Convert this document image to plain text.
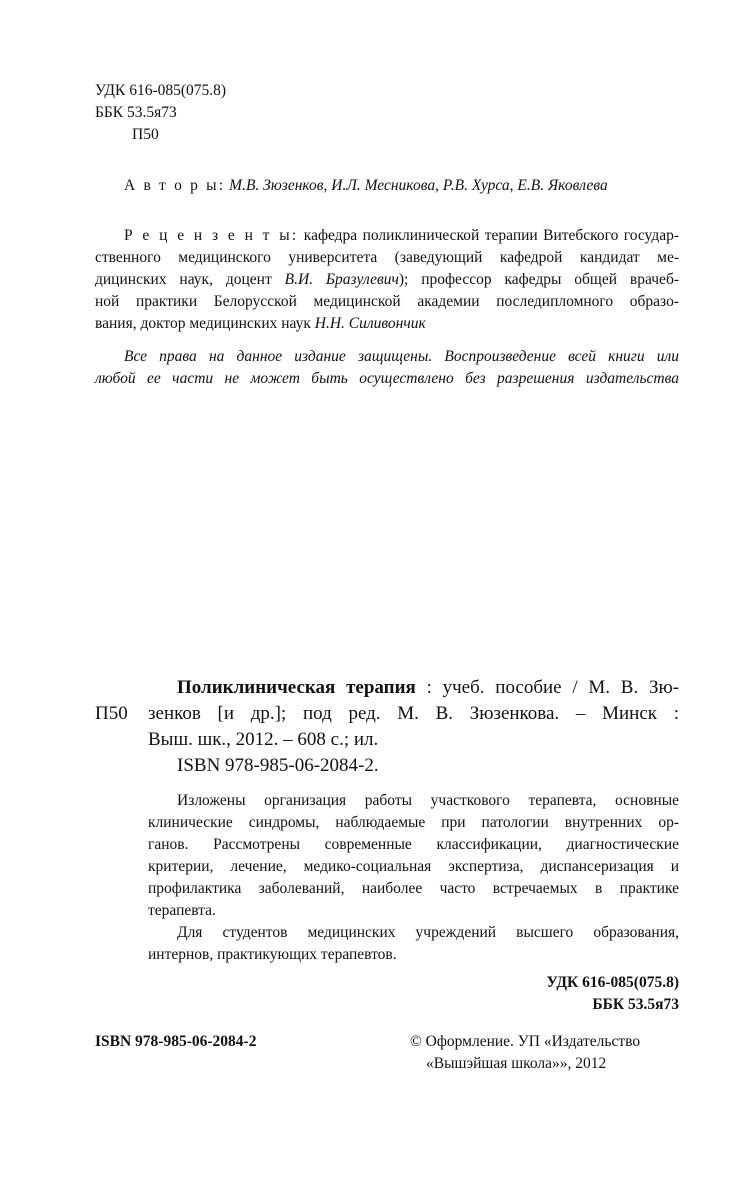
УДК 616-085(075.8)
ББК 53.5я73
П50
А в т о р ы: М.В. Зюзенков, И.Л. Месникова, Р.В. Хурса, Е.В. Яковлева
Р е ц е н з е н т ы: кафедра поликлинической терапии Витебского государ-
ственного медицинского университета (заведующий кафедрой кандидат ме-
дицинских наук, доцент В.И. Бразулевич); профессор кафедры общей врачеб-
ной практики Белорусской медицинской академии последипломного образо-
вания, доктор медицинских наук Н.Н. Силивончик
Все права на данное издание защищены. Воспроизведение всей книги или
любой ее части не может быть осуществлено без разрешения издательства
П50
Поликлиническая терапия : учеб. пособие / М. В. Зю-
зенков [и др.]; под ред. М. В. Зюзенкова. – Минск :
Выш. шк., 2012. – 608 с.; ил.
ISBN 978-985-06-2084-2.
Изложены организация работы участкового терапевта, основные
клинические синдромы, наблюдаемые при патологии внутренних ор-
ганов. Рассмотрены современные классификации, диагностические
критерии, лечение, медико-социальная экспертиза, диспансеризация и
профилактика заболеваний, наиболее часто встречаемых в практике
терапевта.
Для студентов медицинских учреждений высшего образования,
интернов, практикующих терапевтов.
УДК 616-085(075.8)
ББК 53.5я73
ISBN 978-985-06-2084-2	© Оформление. УП «Издательство
«Вышэйшая школа»», 2012
